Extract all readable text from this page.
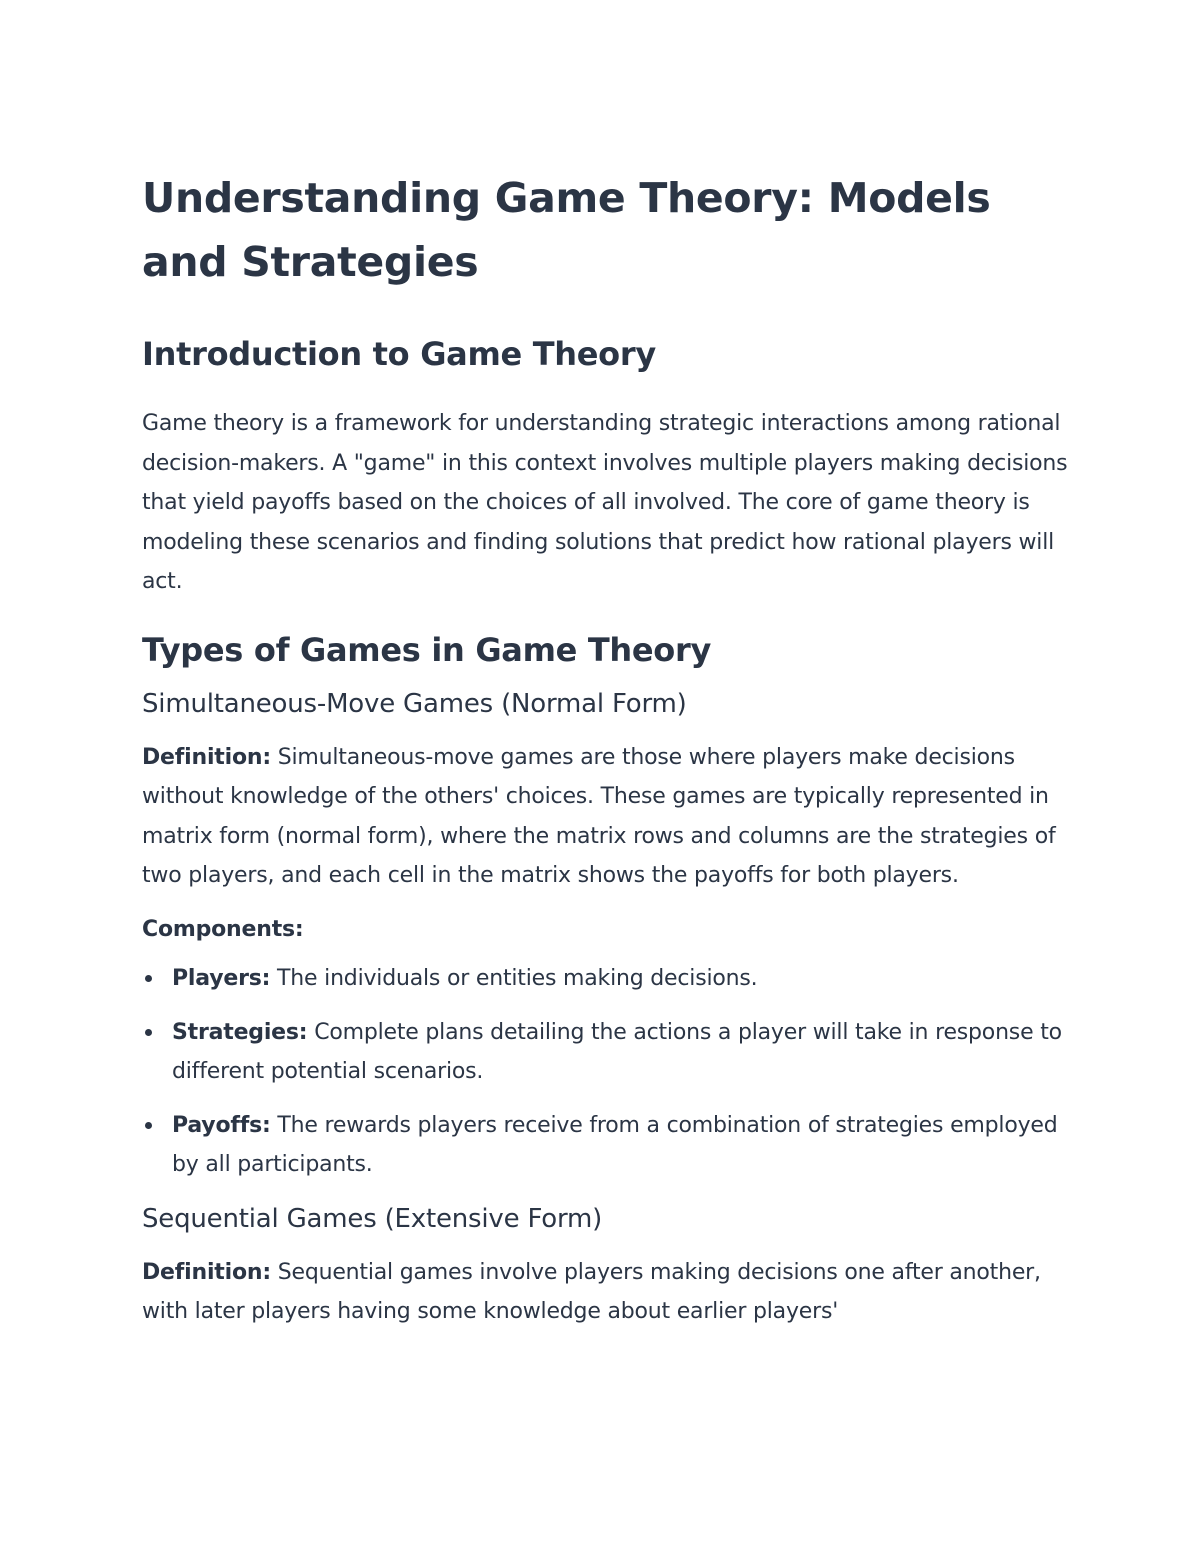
Understanding Game Theory: Models and Strategies
Introduction to Game Theory

Game theory is a framework for understanding strategic interactions among rational decision-makers. A "game" in this context involves multiple players making decisions that yield payoffs based on the choices of all involved. The core of game theory is modeling these scenarios and finding solutions that predict how rational players will act.

Types of Games in Game Theory
Simultaneous-Move Games (Normal Form)

Definition: Simultaneous-move games are those where players make decisions without knowledge of the others' choices. These games are typically represented in matrix form (normal form), where the matrix rows and columns are the strategies of two players, and each cell in the matrix shows the payoffs for both players.

Components:

Players: The individuals or entities making decisions.
Strategies: Complete plans detailing the actions a player will take in response to different potential scenarios.
Payoffs: The rewards players receive from a combination of strategies employed by all participants.
Sequential Games (Extensive Form)

Definition: Sequential games involve players making decisions one after another, with later players having some knowledge about earlier players'
